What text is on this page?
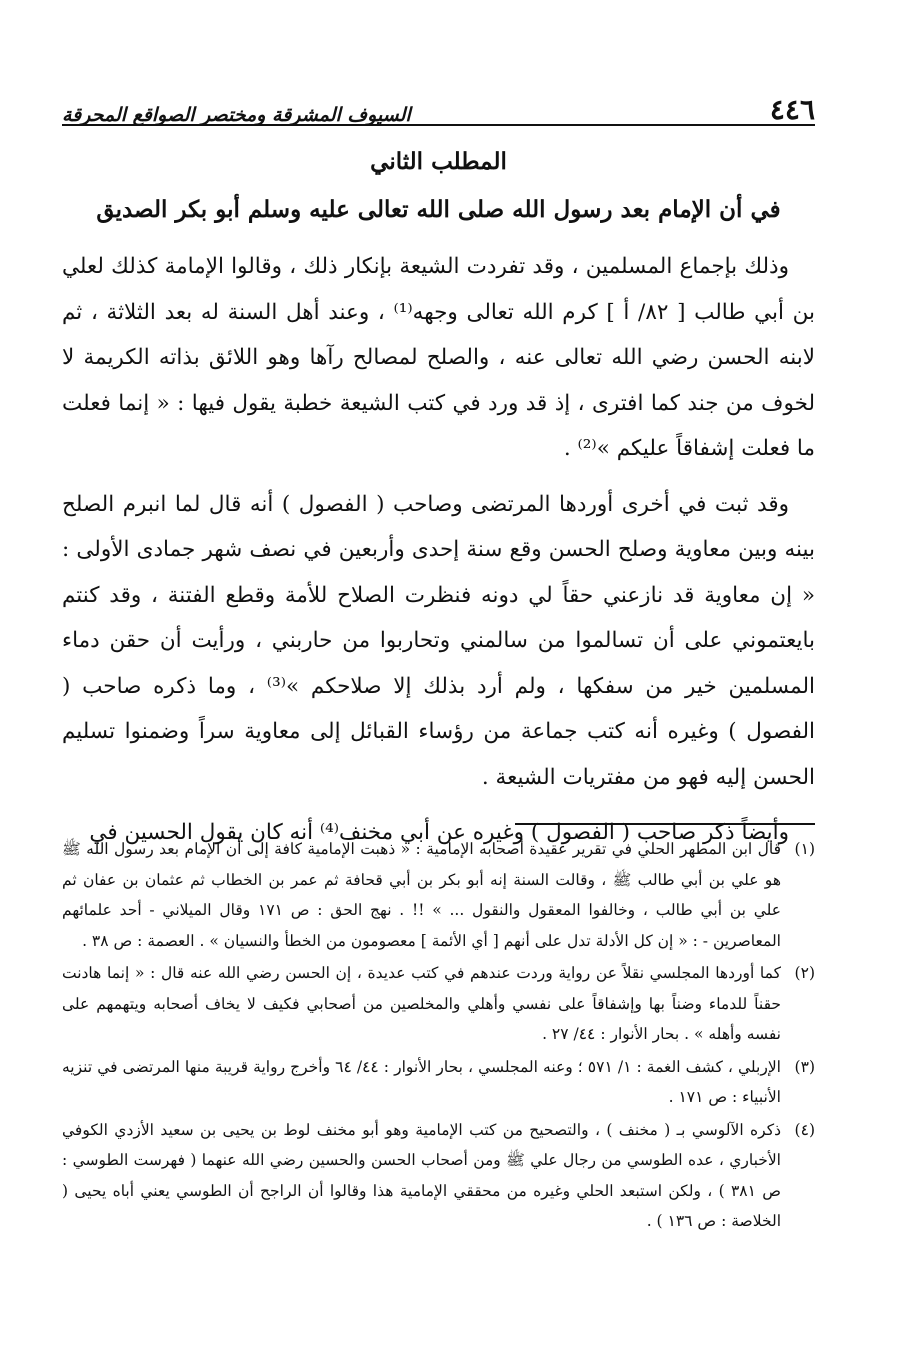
٤٤٦
السيوف المشرقة ومختصر الصواقع المحرقة
المطلب الثاني
في أن الإمام بعد رسول الله صلى الله تعالى عليه وسلم أبو بكر الصديق

وذلك بإجماع المسلمين ، وقد تفردت الشيعة بإنكار ذلك ، وقالوا الإمامة كذلك لعلي بن أبي طالب [ ٨٢/ أ ] كرم الله تعالى وجهه⁽¹⁾ ، وعند أهل السنة له بعد الثلاثة ، ثم لابنه الحسن رضي الله تعالى عنه ، والصلح لمصالح رآها وهو اللائق بذاته الكريمة لا لخوف من جند كما افترى ، إذ قد ورد في كتب الشيعة خطبة يقول فيها : « إنما فعلت ما فعلت إشفاقاً عليكم »⁽²⁾ .

وقد ثبت في أخرى أوردها المرتضى وصاحب ( الفصول ) أنه قال لما انبرم الصلح بينه وبين معاوية وصلح الحسن وقع سنة إحدى وأربعين في نصف شهر جمادى الأولى : « إن معاوية قد نازعني حقاً لي دونه فنظرت الصلاح للأمة وقطع الفتنة ، وقد كنتم بايعتموني على أن تسالموا من سالمني وتحاربوا من حاربني ، ورأيت أن حقن دماء المسلمين خير من سفكها ، ولم أرد بذلك إلا صلاحكم »⁽³⁾ ، وما ذكره صاحب ( الفصول ) وغيره أنه كتب جماعة من رؤساء القبائل إلى معاوية سراً وضمنوا تسليم الحسن إليه فهو من مفتريات الشيعة .

وأيضاً ذكر صاحب ( الفصول ) وغيره عن أبي مخنف⁽⁴⁾ أنه كان يقول الحسين في

(١)
قال ابن المطهر الحلي في تقرير عقيدة أصحابه الإمامية : « ذهبت الإمامية كافة إلى أن الإمام بعد رسول الله ﷺ هو علي بن أبي طالب ﷺ ، وقالت السنة إنه أبو بكر بن أبي قحافة ثم عمر بن الخطاب ثم عثمان بن عفان ثم علي بن أبي طالب ، وخالفوا المعقول والنقول ... » !! . نهج الحق : ص ١٧١ وقال الميلاني - أحد علمائهم المعاصرين - : « إن كل الأدلة تدل على أنهم [ أي الأئمة ] معصومون من الخطأ والنسيان » . العصمة : ص ٣٨ .
(٢)
كما أوردها المجلسي نقلاً عن رواية وردت عندهم في كتب عديدة ، إن الحسن رضي الله عنه قال : « إنما هادنت حقناً للدماء وضناً بها وإشفاقاً على نفسي وأهلي والمخلصين من أصحابي فكيف لا يخاف أصحابه ويتهمهم على نفسه وأهله » . بحار الأنوار : ٤٤/ ٢٧ .
(٣)
الإربلي ، كشف الغمة : ١/ ٥٧١ ؛ وعنه المجلسي ، بحار الأنوار : ٤٤/ ٦٤ وأخرج رواية قريبة منها المرتضى في تنزيه الأنبياء : ص ١٧١ .
(٤)
ذكره الآلوسي بـ ( مخنف ) ، والتصحيح من كتب الإمامية وهو أبو مخنف لوط بن يحيى بن سعيد الأزدي الكوفي الأخباري ، عده الطوسي من رجال علي ﷺ ومن أصحاب الحسن والحسين رضي الله عنهما ( فهرست الطوسي : ص ٣٨١ ) ، ولكن استبعد الحلي وغيره من محققي الإمامية هذا وقالوا أن الراجح أن الطوسي يعني أباه يحيى ( الخلاصة : ص ١٣٦ ) .
